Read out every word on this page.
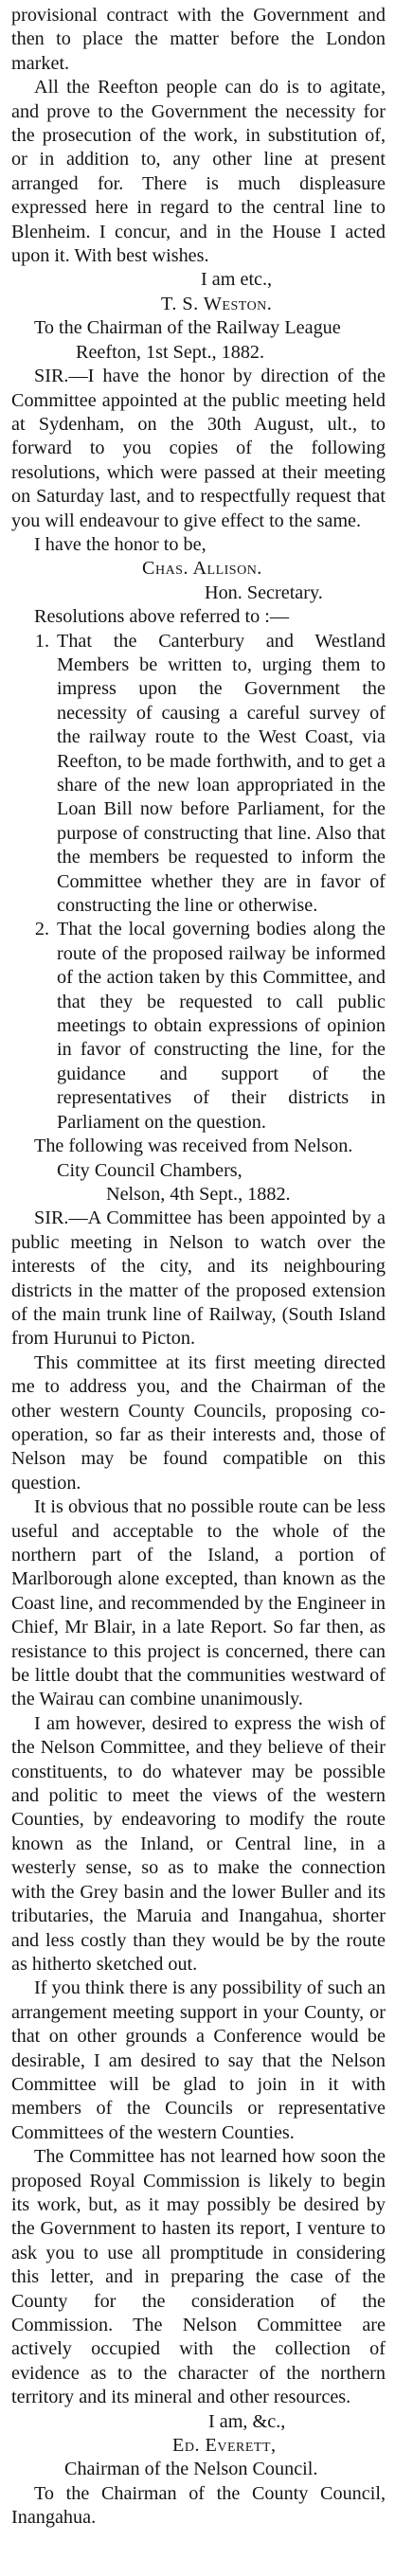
provisional contract with the Government and then to place the matter before the London market.

All the Reefton people can do is to agitate, and prove to the Government the necessity for the prosecution of the work, in substitution of, or in addition to, any other line at present arranged for. There is much displeasure expressed here in regard to the central line to Blenheim. I concur, and in the House I acted upon it. With best wishes.

I am etc.,

T. S. Weston.

To the Chairman of the Railway League

Reefton, 1st Sept., 1882.

SIR.—I have the honor by direction of the Committee appointed at the public meeting held at Sydenham, on the 30th August, ult., to forward to you copies of the following resolutions, which were passed at their meeting on Saturday last, and to respectfully request that you will endeavour to give effect to the same.

I have the honor to be,

Chas. Allison.

Hon. Secretary.

Resolutions above referred to :—

1. That the Canterbury and Westland Members be written to, urging them to impress upon the Government the necessity of causing a careful survey of the railway route to the West Coast, via Reefton, to be made forthwith, and to get a share of the new loan appropriated in the Loan Bill now before Parliament, for the purpose of constructing that line. Also that the members be requested to inform the Committee whether they are in favor of constructing the line or otherwise.
2. That the local governing bodies along the route of the proposed railway be informed of the action taken by this Committee, and that they be requested to call public meetings to obtain expressions of opinion in favor of constructing the line, for the guidance and support of the representatives of their districts in Parliament on the question.

The following was received from Nelson.

City Council Chambers,

Nelson, 4th Sept., 1882.

SIR.—A Committee has been appointed by a public meeting in Nelson to watch over the interests of the city, and its neighbouring districts in the matter of the proposed extension of the main trunk line of Railway, (South Island from Hurunui to Picton.

This committee at its first meeting directed me to address you, and the Chairman of the other western County Councils, proposing co-operation, so far as their interests and, those of Nelson may be found compatible on this question.

It is obvious that no possible route can be less useful and acceptable to the whole of the northern part of the Island, a portion of Marlborough alone excepted, than known as the Coast line, and recommended by the Engineer in Chief, Mr Blair, in a late Report. So far then, as resistance to this project is concerned, there can be little doubt that the communities westward of the Wairau can combine unanimously.

I am however, desired to express the wish of the Nelson Committee, and they believe of their constituents, to do whatever may be possible and politic to meet the views of the western Counties, by endeavoring to modify the route known as the Inland, or Central line, in a westerly sense, so as to make the connection with the Grey basin and the lower Buller and its tributaries, the Maruia and Inangahua, shorter and less costly than they would be by the route as hitherto sketched out.

If you think there is any possibility of such an arrangement meeting support in your County, or that on other grounds a Conference would be desirable, I am desired to say that the Nelson Committee will be glad to join in it with members of the Councils or representative Committees of the western Counties.

The Committee has not learned how soon the proposed Royal Commission is likely to begin its work, but, as it may possibly be desired by the Government to hasten its report, I venture to ask you to use all promptitude in considering this letter, and in preparing the case of the County for the consideration of the Commission. The Nelson Committee are actively occupied with the collection of evidence as to the character of the northern territory and its mineral and other resources.

I am, &c.,

Ed. Everett,

Chairman of the Nelson Council.

To the Chairman of the County Council, Inangahua.
